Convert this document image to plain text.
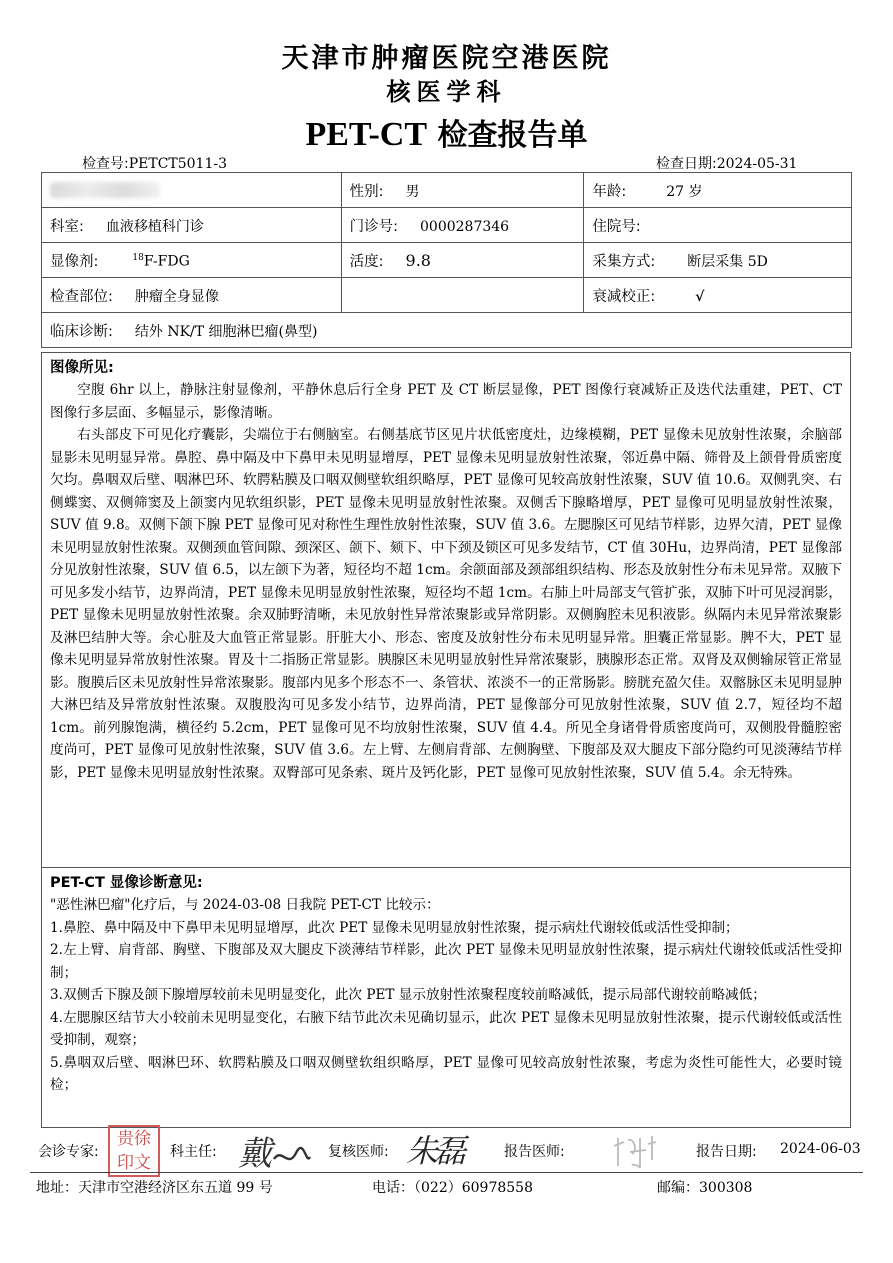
天津市肿瘤医院空港医院
核医学科
PET-CT 检查报告单
检查号:PETCT5011-3	检查日期:2024-05-31
	性别: 男	年龄: 27 岁
科室: 血液移植科门诊	门诊号: 0000287346	住院号:
显像剂: $^{18}$F-FDG	活度: 9.8	采集方式: 断层采集 5D
检查部位: 肿瘤全身显像		衰减校正: √
临床诊断: 结外 NK/T 细胞淋巴瘤(鼻型)		
图像所见:

空腹 6hr 以上，静脉注射显像剂，平静休息后行全身 PET 及 CT 断层显像，PET 图像行衰减矫正及迭代法重建，PET、CT 图像行多层面、多幅显示，影像清晰。

右头部皮下可见化疗囊影，尖端位于右侧脑室。右侧基底节区见片状低密度灶，边缘模糊，PET 显像未见放射性浓聚，余脑部显影未见明显异常。鼻腔、鼻中隔及中下鼻甲未见明显增厚，PET 显像未见明显放射性浓聚，邻近鼻中隔、筛骨及上颌骨骨质密度欠均。鼻咽双后壁、咽淋巴环、软腭粘膜及口咽双侧壁软组织略厚，PET 显像可见较高放射性浓聚，SUV 值 10.6。双侧乳突、右侧蝶窦、双侧筛窦及上颌窦内见软组织影，PET 显像未见明显放射性浓聚。双侧舌下腺略增厚，PET 显像可见明显放射性浓聚，SUV 值 9.8。双侧下颌下腺 PET 显像可见对称性生理性放射性浓聚，SUV 值 3.6。左腮腺区可见结节样影，边界欠清，PET 显像未见明显放射性浓聚。双侧颈血管间隙、颈深区、颌下、颏下、中下颈及锁区可见多发结节，CT 值 30Hu，边界尚清，PET 显像部分见放射性浓聚，SUV 值 6.5，以左颌下为著，短径均不超 1cm。余颌面部及颈部组织结构、形态及放射性分布未见异常。双腋下可见多发小结节，边界尚清，PET 显像未见明显放射性浓聚，短径均不超 1cm。右肺上叶局部支气管扩张，双肺下叶可见浸润影，PET 显像未见明显放射性浓聚。余双肺野清晰，未见放射性异常浓聚影或异常阴影。双侧胸腔未见积液影。纵隔内未见异常浓聚影及淋巴结肿大等。余心脏及大血管正常显影。肝脏大小、形态、密度及放射性分布未见明显异常。胆囊正常显影。脾不大，PET 显像未见明显异常放射性浓聚。胃及十二指肠正常显影。胰腺区未见明显放射性异常浓聚影，胰腺形态正常。双肾及双侧输尿管正常显影。腹膜后区未见放射性异常浓聚影。腹部内见多个形态不一、条管状、浓淡不一的正常肠影。膀胱充盈欠佳。双髂脉区未见明显肿大淋巴结及异常放射性浓聚。双腹股沟可见多发小结节，边界尚清，PET 显像部分可见放射性浓聚，SUV 值 2.7，短径均不超 1cm。前列腺饱满，横径约 5.2cm，PET 显像可见不均放射性浓聚，SUV 值 4.4。所见全身诸骨骨质密度尚可，双侧股骨髓腔密度尚可，PET 显像可见放射性浓聚，SUV 值 3.6。左上臂、左侧肩背部、左侧胸壁、下腹部及双大腿皮下部分隐约可见淡薄结节样影，PET 显像未见明显放射性浓聚。双臀部可见条索、斑片及钙化影，PET 显像可见放射性浓聚，SUV 值 5.4。余无特殊。

PET-CT 显像诊断意见:

"恶性淋巴瘤"化疗后，与 2024-03-08 日我院 PET-CT 比较示：

1.鼻腔、鼻中隔及中下鼻甲未见明显增厚，此次 PET 显像未见明显放射性浓聚，提示病灶代谢较低或活性受抑制；

2.左上臂、肩背部、胸壁、下腹部及双大腿皮下淡薄结节样影，此次 PET 显像未见明显放射性浓聚，提示病灶代谢较低或活性受抑制；

3.双侧舌下腺及颌下腺增厚较前未见明显变化，此次 PET 显示放射性浓聚程度较前略减低，提示局部代谢较前略减低；

4.左腮腺区结节大小较前未见明显变化，右腋下结节此次未见确切显示，此次 PET 显像未见明显放射性浓聚，提示代谢较低或活性受抑制，观察；

5.鼻咽双后壁、咽淋巴环、软腭粘膜及口咽双侧壁软组织略厚，PET 显像可见较高放射性浓聚，考虑为炎性可能性大，必要时镜检；

会诊专家:
贵徐
印文
科主任: 戴	复核医师: 朱磊	报告医师:	报告日期: 2024-06-03
地址：天津市空港经济区东五道 99 号	电话：（022）60978558	邮编：300308
